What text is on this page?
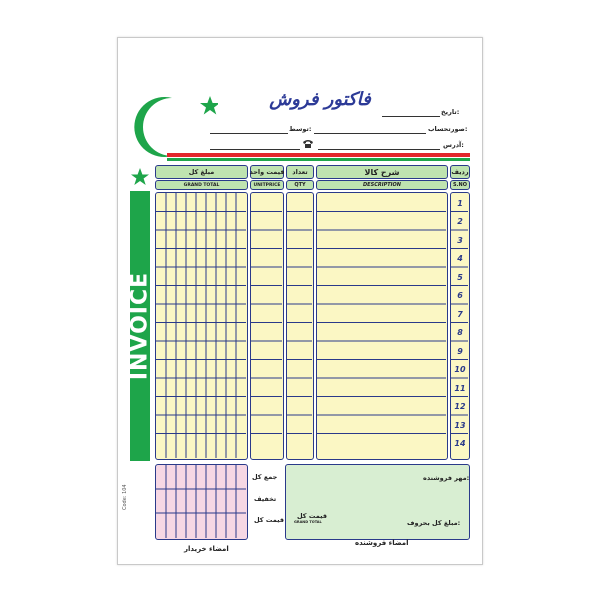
فاکتور فروش
تاریخ:
صورتحساب:
توسط:
آدرس:
ردیف
S.NO
شرح کالا
DESCRIPTION
تعداد
QTY
قیمت واحد
UNITPRICE
مبلغ کل
GRAND TOTAL
INVOICE
Code: 104
1
2
3
4
5
6
7
8
9
10
11
12
13
14
جمع کل
تخفیف
قیمت کل
مهر فروشنده:
قیمت کل
GRAND TOTAL	مبلغ کل بحروف:
امضاء خریدار
امضاء فروشنده
